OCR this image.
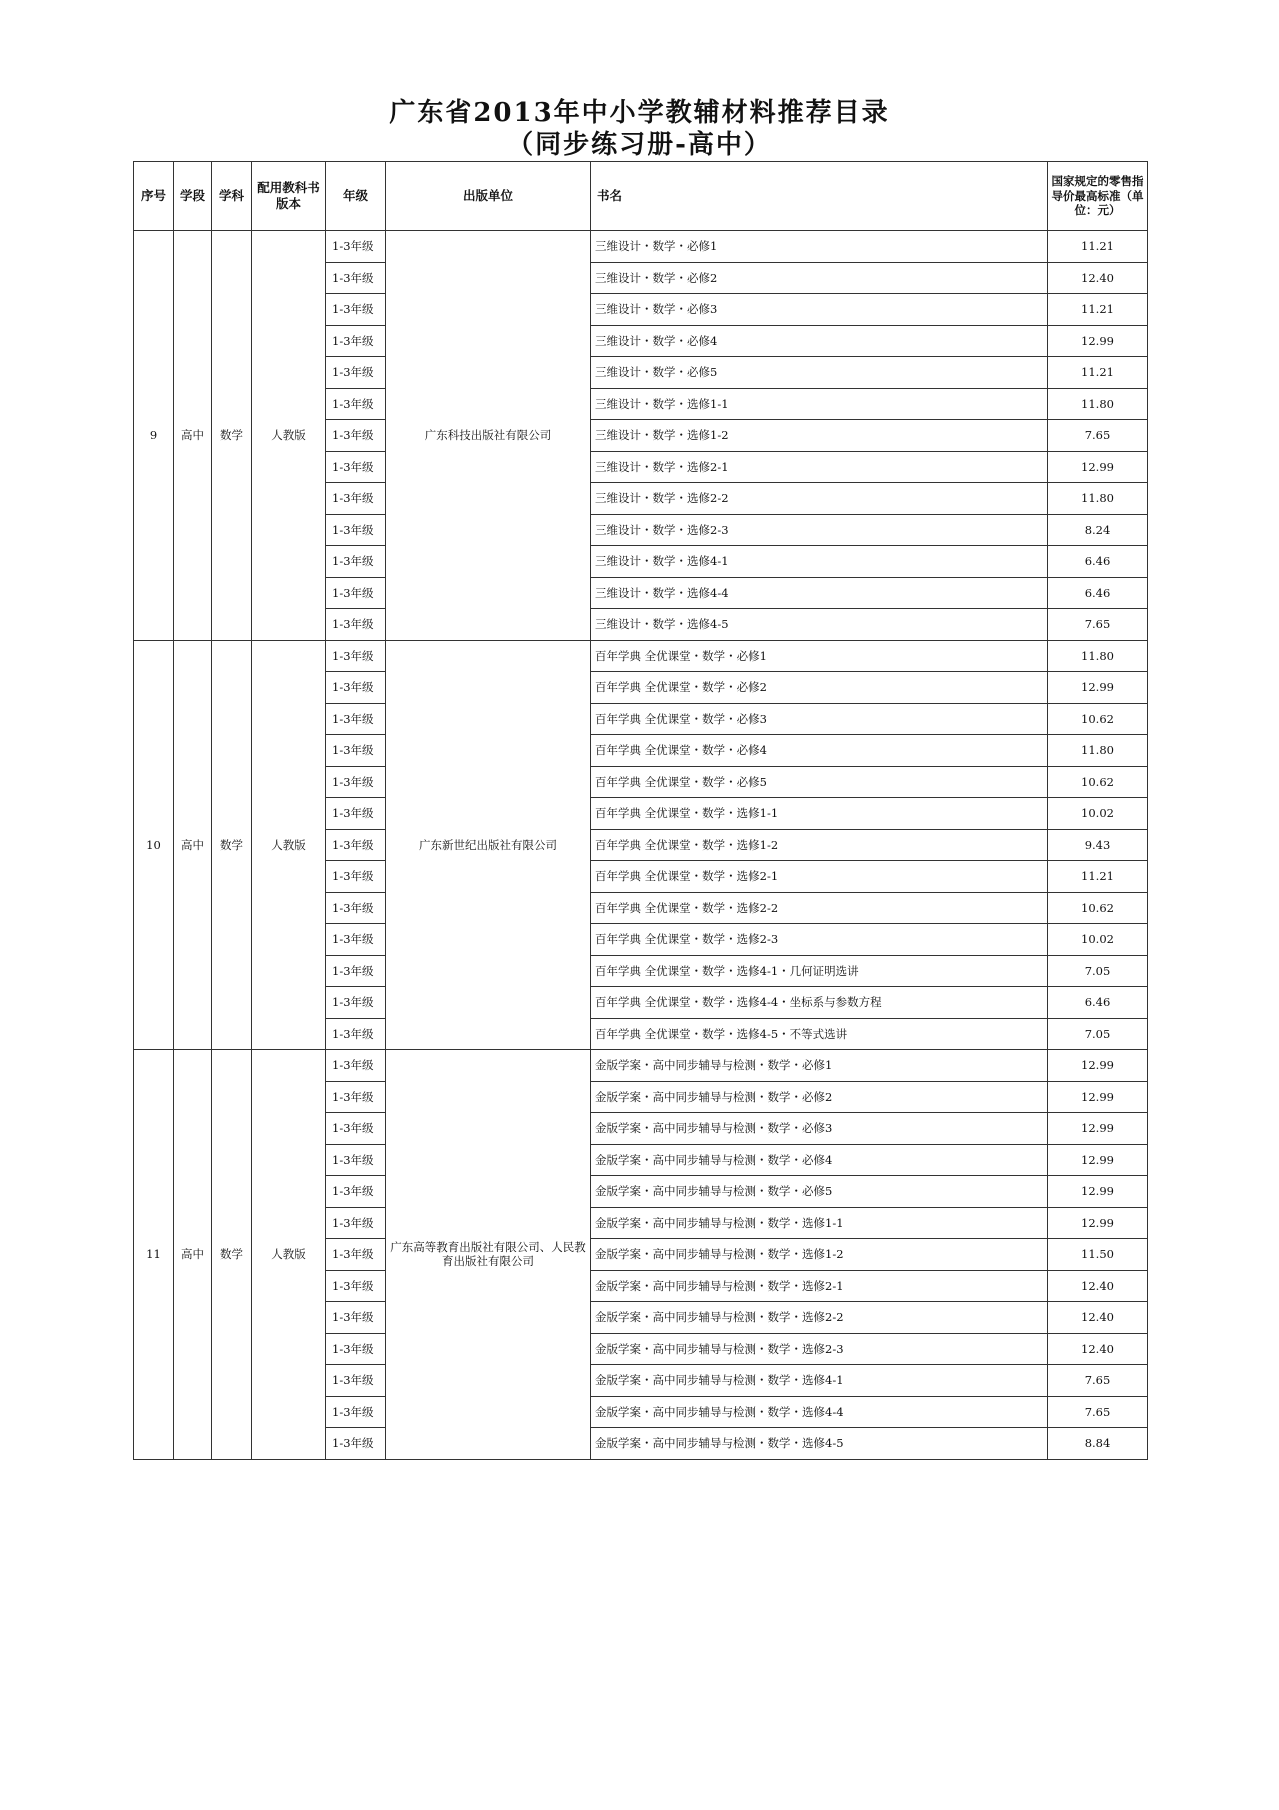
广东省2013年中小学教辅材料推荐目录
（同步练习册-高中）
序号	学段	学科	配用教科书版本	年级	出版单位	书名	国家规定的零售指导价最高标准（单位：元）
9	高中	数学	人教版	1-3年级	广东科技出版社有限公司	三维设计・数学・必修1	11.21
				1-3年级		三维设计・数学・必修2	12.40
				1-3年级		三维设计・数学・必修3	11.21
				1-3年级		三维设计・数学・必修4	12.99
				1-3年级		三维设计・数学・必修5	11.21
				1-3年级		三维设计・数学・选修1-1	11.80
				1-3年级		三维设计・数学・选修1-2	7.65
				1-3年级		三维设计・数学・选修2-1	12.99
				1-3年级		三维设计・数学・选修2-2	11.80
				1-3年级		三维设计・数学・选修2-3	8.24
				1-3年级		三维设计・数学・选修4-1	6.46
				1-3年级		三维设计・数学・选修4-4	6.46
				1-3年级		三维设计・数学・选修4-5	7.65
10	高中	数学	人教版	1-3年级	广东新世纪出版社有限公司	百年学典 全优课堂・数学・必修1	11.80
				1-3年级		百年学典 全优课堂・数学・必修2	12.99
				1-3年级		百年学典 全优课堂・数学・必修3	10.62
				1-3年级		百年学典 全优课堂・数学・必修4	11.80
				1-3年级		百年学典 全优课堂・数学・必修5	10.62
				1-3年级		百年学典 全优课堂・数学・选修1-1	10.02
				1-3年级		百年学典 全优课堂・数学・选修1-2	9.43
				1-3年级		百年学典 全优课堂・数学・选修2-1	11.21
				1-3年级		百年学典 全优课堂・数学・选修2-2	10.62
				1-3年级		百年学典 全优课堂・数学・选修2-3	10.02
				1-3年级		百年学典 全优课堂・数学・选修4-1・几何证明选讲	7.05
				1-3年级		百年学典 全优课堂・数学・选修4-4・坐标系与参数方程	6.46
				1-3年级		百年学典 全优课堂・数学・选修4-5・不等式选讲	7.05
11	高中	数学	人教版	1-3年级	广东高等教育出版社有限公司、人民教育出版社有限公司	金版学案・高中同步辅导与检测・数学・必修1	12.99
				1-3年级		金版学案・高中同步辅导与检测・数学・必修2	12.99
				1-3年级		金版学案・高中同步辅导与检测・数学・必修3	12.99
				1-3年级		金版学案・高中同步辅导与检测・数学・必修4	12.99
				1-3年级		金版学案・高中同步辅导与检测・数学・必修5	12.99
				1-3年级		金版学案・高中同步辅导与检测・数学・选修1-1	12.99
				1-3年级		金版学案・高中同步辅导与检测・数学・选修1-2	11.50
				1-3年级		金版学案・高中同步辅导与检测・数学・选修2-1	12.40
				1-3年级		金版学案・高中同步辅导与检测・数学・选修2-2	12.40
				1-3年级		金版学案・高中同步辅导与检测・数学・选修2-3	12.40
				1-3年级		金版学案・高中同步辅导与检测・数学・选修4-1	7.65
				1-3年级		金版学案・高中同步辅导与检测・数学・选修4-4	7.65
				1-3年级		金版学案・高中同步辅导与检测・数学・选修4-5	8.84
